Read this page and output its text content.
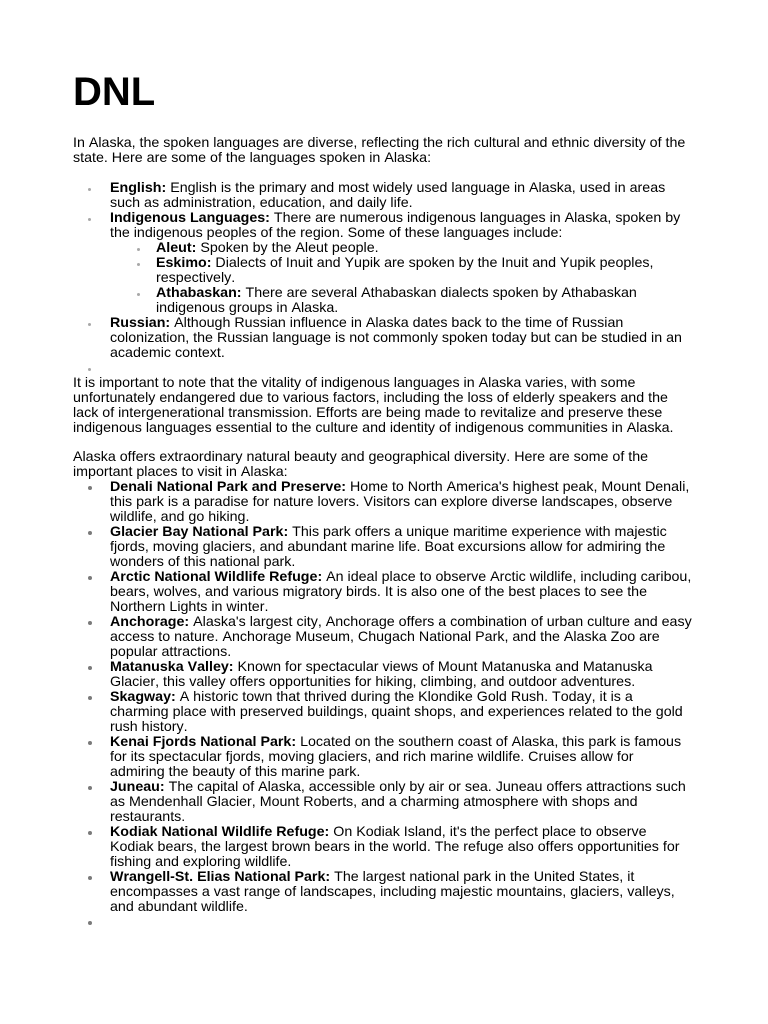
DNL

In Alaska, the spoken languages are diverse, reflecting the rich cultural and ethnic diversity of the
state. Here are some of the languages spoken in Alaska:

English: English is the primary and most widely used language in Alaska, used in areas
such as administration, education, and daily life.
Indigenous Languages: There are numerous indigenous languages in Alaska, spoken by
the indigenous peoples of the region. Some of these languages include:
Aleut: Spoken by the Aleut people.
Eskimo: Dialects of Inuit and Yupik are spoken by the Inuit and Yupik peoples,
respectively.
Athabaskan: There are several Athabaskan dialects spoken by Athabaskan
indigenous groups in Alaska.
Russian: Although Russian influence in Alaska dates back to the time of Russian
colonization, the Russian language is not commonly spoken today but can be studied in an
academic context.

It is important to note that the vitality of indigenous languages in Alaska varies, with some
unfortunately endangered due to various factors, including the loss of elderly speakers and the
lack of intergenerational transmission. Efforts are being made to revitalize and preserve these
indigenous languages essential to the culture and identity of indigenous communities in Alaska.

Alaska offers extraordinary natural beauty and geographical diversity. Here are some of the
important places to visit in Alaska:

Denali National Park and Preserve: Home to North America's highest peak, Mount Denali,
this park is a paradise for nature lovers. Visitors can explore diverse landscapes, observe
wildlife, and go hiking.
Glacier Bay National Park: This park offers a unique maritime experience with majestic
fjords, moving glaciers, and abundant marine life. Boat excursions allow for admiring the
wonders of this national park.
Arctic National Wildlife Refuge: An ideal place to observe Arctic wildlife, including caribou,
bears, wolves, and various migratory birds. It is also one of the best places to see the
Northern Lights in winter.
Anchorage: Alaska's largest city, Anchorage offers a combination of urban culture and easy
access to nature. Anchorage Museum, Chugach National Park, and the Alaska Zoo are
popular attractions.
Matanuska Valley: Known for spectacular views of Mount Matanuska and Matanuska
Glacier, this valley offers opportunities for hiking, climbing, and outdoor adventures.
Skagway: A historic town that thrived during the Klondike Gold Rush. Today, it is a
charming place with preserved buildings, quaint shops, and experiences related to the gold
rush history.
Kenai Fjords National Park: Located on the southern coast of Alaska, this park is famous
for its spectacular fjords, moving glaciers, and rich marine wildlife. Cruises allow for
admiring the beauty of this marine park.
Juneau: The capital of Alaska, accessible only by air or sea. Juneau offers attractions such
as Mendenhall Glacier, Mount Roberts, and a charming atmosphere with shops and
restaurants.
Kodiak National Wildlife Refuge: On Kodiak Island, it's the perfect place to observe
Kodiak bears, the largest brown bears in the world. The refuge also offers opportunities for
fishing and exploring wildlife.
Wrangell-St. Elias National Park: The largest national park in the United States, it
encompasses a vast range of landscapes, including majestic mountains, glaciers, valleys,
and abundant wildlife.
